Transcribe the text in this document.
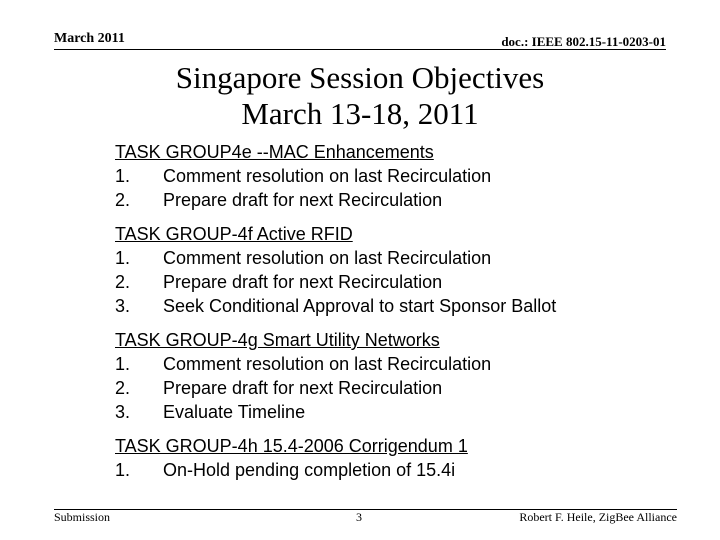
March 2011	doc.: IEEE 802.15-11-0203-01
Singapore Session Objectives
March 13-18, 2011
TASK GROUP4e --MAC Enhancements
1. Comment resolution on last Recirculation
2. Prepare draft for next Recirculation
TASK GROUP-4f Active RFID
1. Comment resolution on last Recirculation
2. Prepare draft for next Recirculation
3. Seek Conditional Approval to start Sponsor Ballot
TASK GROUP-4g Smart Utility Networks
1. Comment resolution on last Recirculation
2. Prepare draft for next Recirculation
3. Evaluate Timeline
TASK GROUP-4h 15.4-2006 Corrigendum 1
1. On-Hold pending completion of 15.4i
Submission	3	Robert F. Heile, ZigBee Alliance
